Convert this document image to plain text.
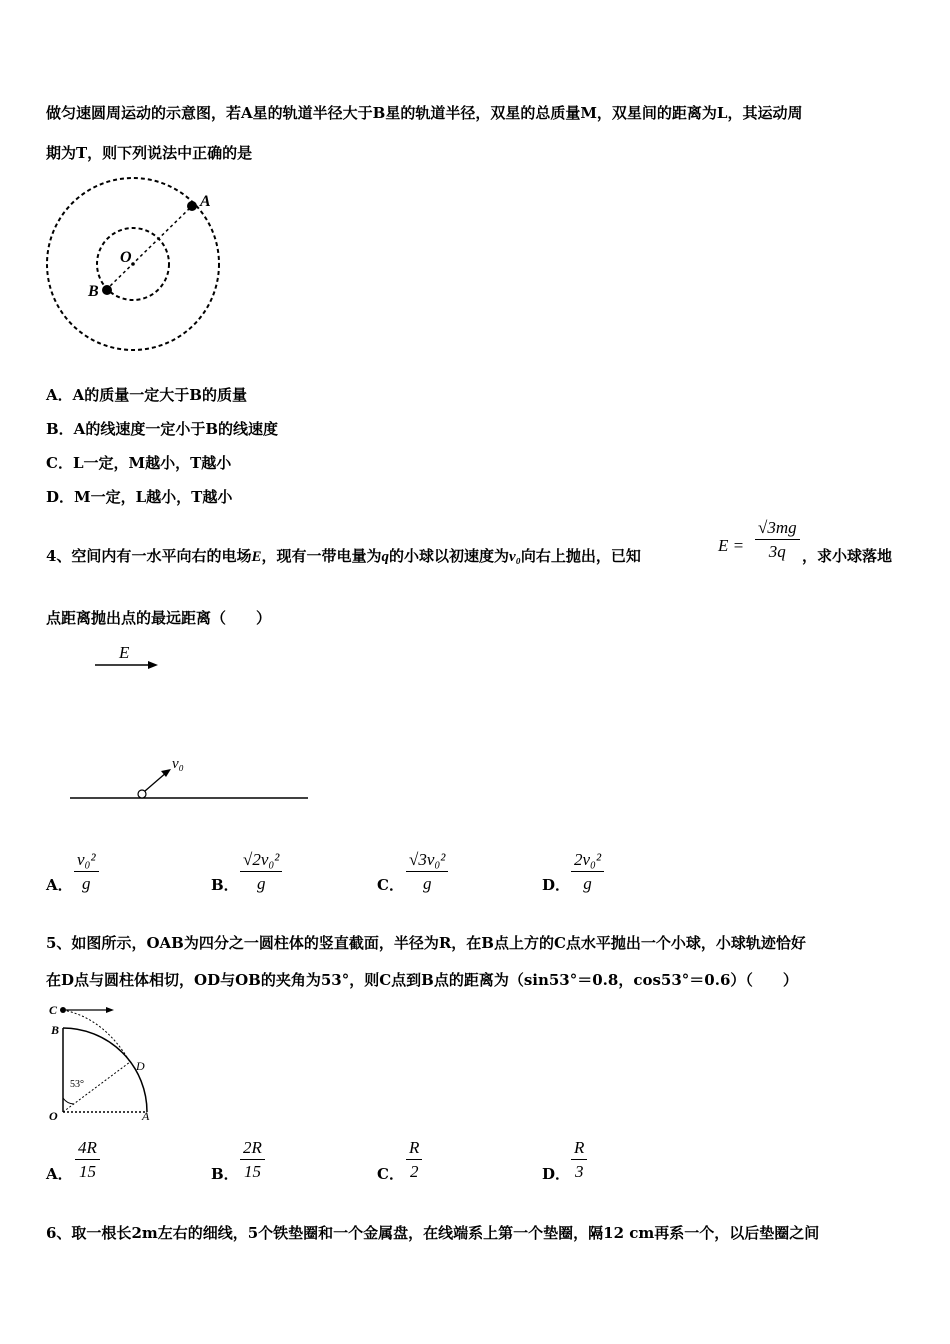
做匀速圆周运动的示意图，若A星的轨道半径大于B星的轨道半径，双星的总质量M，双星间的距离为L，其运动周
期为T，则下列说法中正确的是
A
B
O
A．A的质量一定大于B的质量
B．A的线速度一定小于B的线速度
C．L一定，M越小，T越小
D．M一定，L越小，T越小
4、空间内有一水平向右的电场E，现有一带电量为q的小球以初速度为v₀向右上抛出，已知
$E = \frac{√3mg}{3q}$ ，求小球落地
点距离抛出点的最远距离（　　）
E
v₀
A． $\frac{\text{v₀²}}{g}$	B． $\frac{\text{√2v₀²}}{g}$	C． $\frac{\text{√3v₀²}}{g}$	D． $\frac{\text{2v₀²}}{g}$
5、如图所示，OAB为四分之一圆柱体的竖直截面，半径为R，在B点上方的C点水平抛出一个小球，小球轨迹恰好
在D点与圆柱体相切，OD与OB的夹角为53°，则C点到B点的距离为（sin53°＝0.8，cos53°＝0.6）（　　）
53°
C
B
D
O	A
A． $\frac{4R}{15}$	B． $\frac{2R}{15}$	C． $\frac{R}{2}$	D． $\frac{R}{3}$
6、取一根长2m左右的细线，5个铁垫圈和一个金属盘，在线端系上第一个垫圈，隔12 cm再系一个，以后垫圈之间
